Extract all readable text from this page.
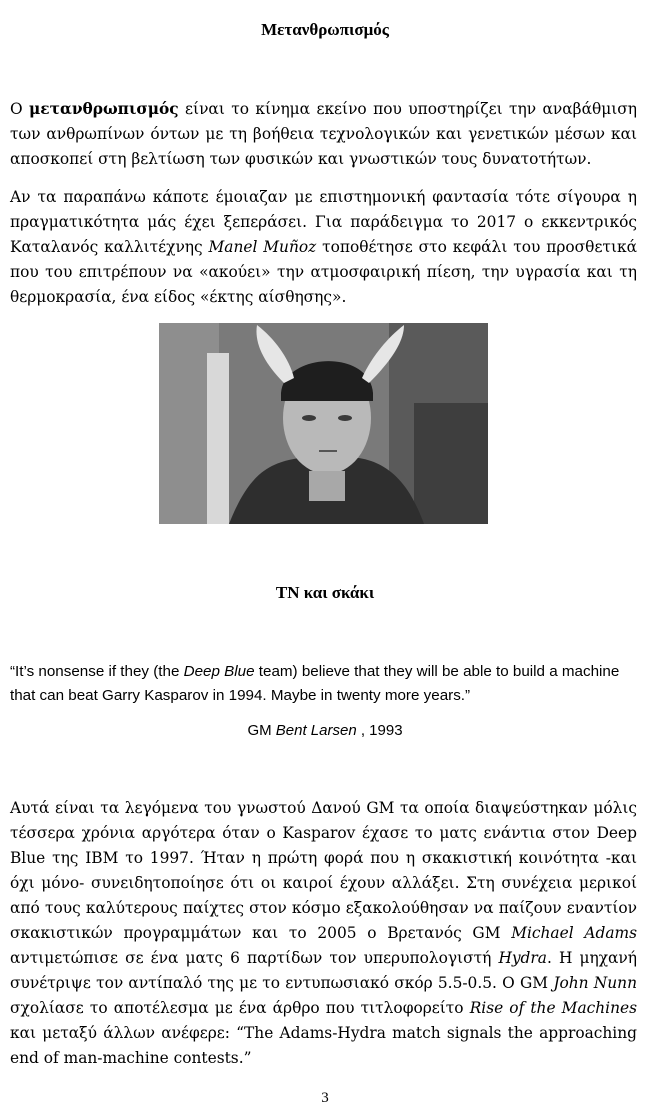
Μετανθρωπισμός

Ο μετανθρωπισμός είναι το κίνημα εκείνο που υποστηρίζει την αναβάθμιση των ανθρωπίνων όντων με τη βοήθεια τεχνολογικών και γενετικών μέσων και αποσκοπεί στη βελτίωση των φυσικών και γνωστικών τους δυνατοτήτων.

Αν τα παραπάνω κάποτε έμοιαζαν με επιστημονική φαντασία τότε σίγουρα η πραγματικότητα μάς έχει ξεπεράσει. Για παράδειγμα το 2017 ο εκκεντρικός Καταλανός καλλιτέχνης Manel Muñoz τοποθέτησε στο κεφάλι του προσθετικά που του επιτρέπουν να «ακούει» την ατμοσφαιρική πίεση, την υγρασία και τη θερμοκρασία, ένα είδος «έκτης αίσθησης».

ΤΝ και σκάκι

“It’s nonsense if they (the Deep Blue team) believe that they will be able to build a machine that can beat Garry Kasparov in 1994. Maybe in twenty more years.”

GM Bent Larsen , 1993

Αυτά είναι τα λεγόμενα του γνωστού Δανού GM τα οποία διαψεύστηκαν μόλις τέσσερα χρόνια αργότερα όταν ο Kasparov έχασε το ματς ενάντια στον Deep Blue της IBM το 1997. Ήταν η πρώτη φορά που η σκακιστική κοινότητα -και όχι μόνο- συνειδητοποίησε ότι οι καιροί έχουν αλλάξει. Στη συνέχεια μερικοί από τους καλύτερους παίχτες στον κόσμο εξακολούθησαν να παίζουν εναντίον σκακιστικών προγραμμάτων και το 2005 ο Βρετανός GM Michael Adams αντιμετώπισε σε ένα ματς 6 παρτίδων τον υπερυπολογιστή Hydra. Η μηχανή συνέτριψε τον αντίπαλό της με το εντυπωσιακό σκόρ 5.5-0.5. Ο GM John Nunn σχολίασε το αποτέλεσμα με ένα άρθρο που τιτλοφορείτο Rise of the Machines και μεταξύ άλλων ανέφερε: “The Adams-Hydra match signals the approaching end of man-machine contests.”

3
